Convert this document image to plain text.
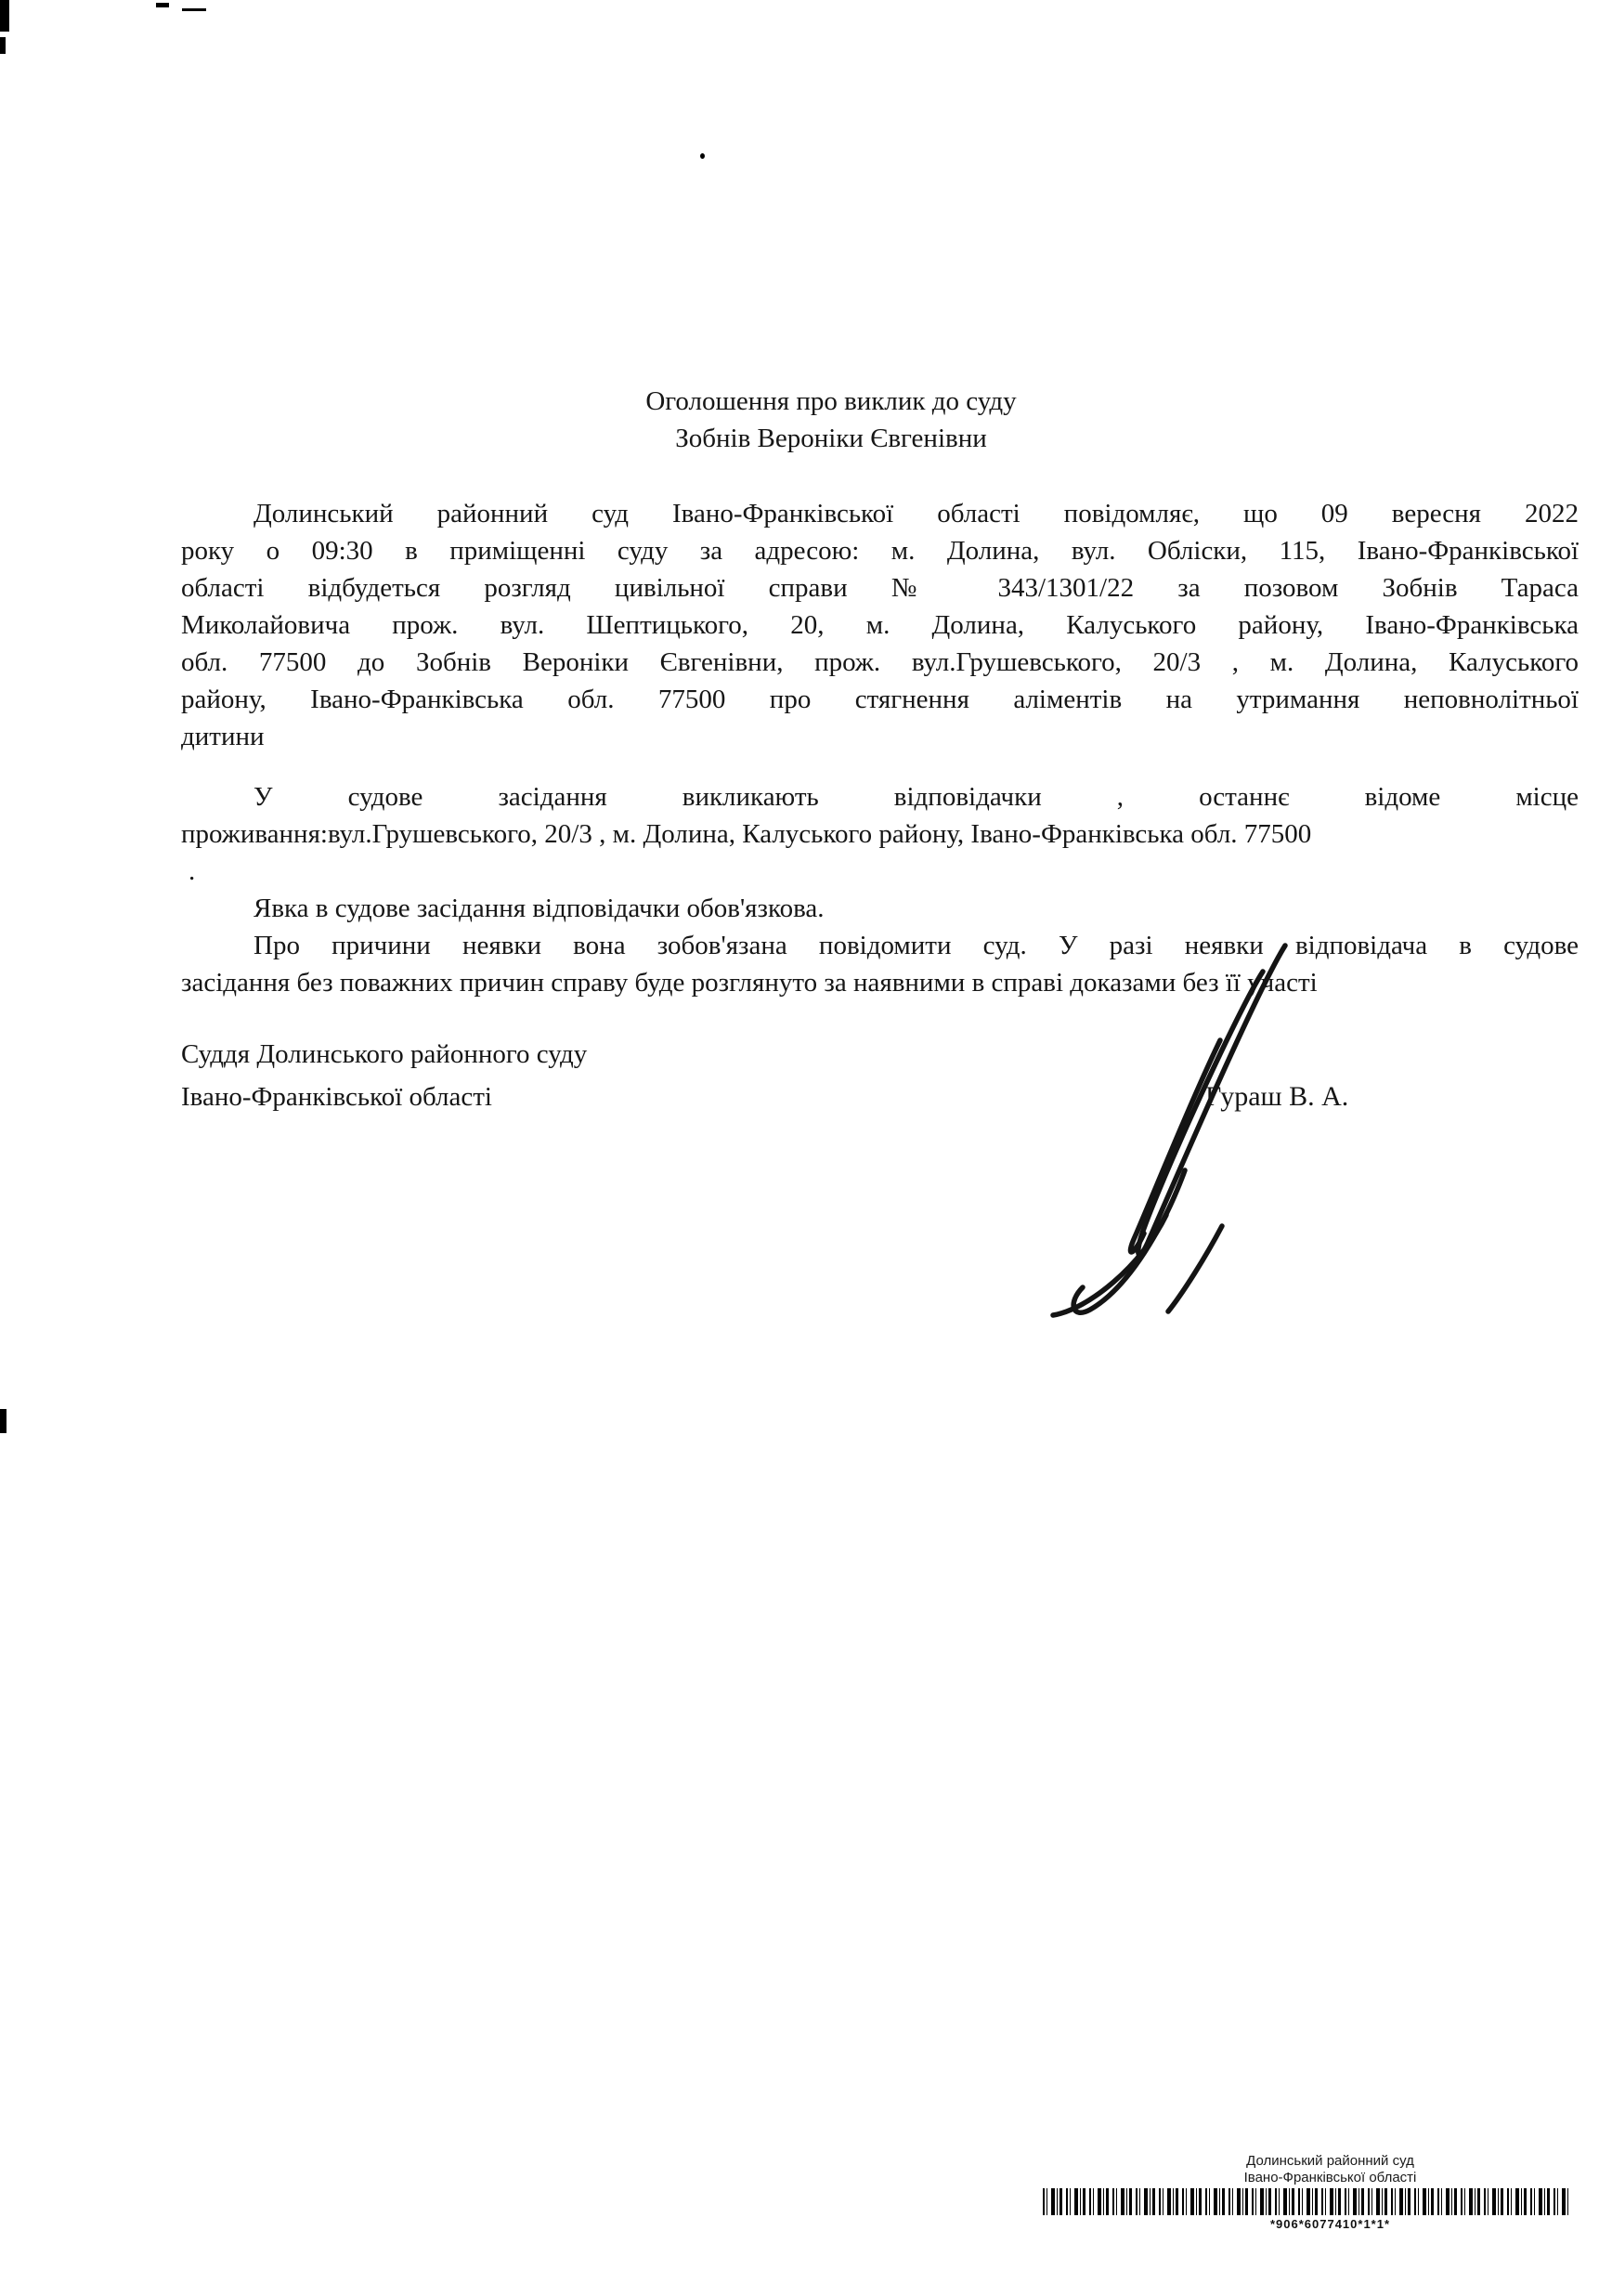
Оголошення про виклик до суду
Зобнів Вероніки Євгенівни
Долинський районний суд Івано-Франківської області повідомляє, що 09 вересня 2022
року о 09:30 в приміщенні суду за адресою: м. Долина, вул. Обліски, 115, Івано-Франківської
області відбудеться розгляд цивільної справи № 343/1301/22 за позовом Зобнів Тараса
Миколайовича прож. вул. Шептицького, 20, м. Долина, Калуського району, Івано-Франківська
обл. 77500 до Зобнів Вероніки Євгенівни, прож. вул.Грушевського, 20/3 , м. Долина, Калуського
району, Івано-Франківська обл. 77500 про стягнення аліментів на утримання неповнолітньої
дитини
У судове засідання викликають відповідачки , останнє відоме місце
проживання:вул.Грушевського, 20/3 , м. Долина, Калуського району, Івано-Франківська обл. 77500
.
Явка в судове засідання відповідачки обов'язкова.
Про причини неявки вона зобов'язана повідомити суд. У разі неявки відповідача в судове
засідання без поважних причин справу буде розглянуто за наявними в справі доказами без її участі
Суддя Долинського районного суду
Івано-Франківської області	Гураш В. А.
Долинський районний суд
Івано-Франківської області
*906*6077410*1*1*
